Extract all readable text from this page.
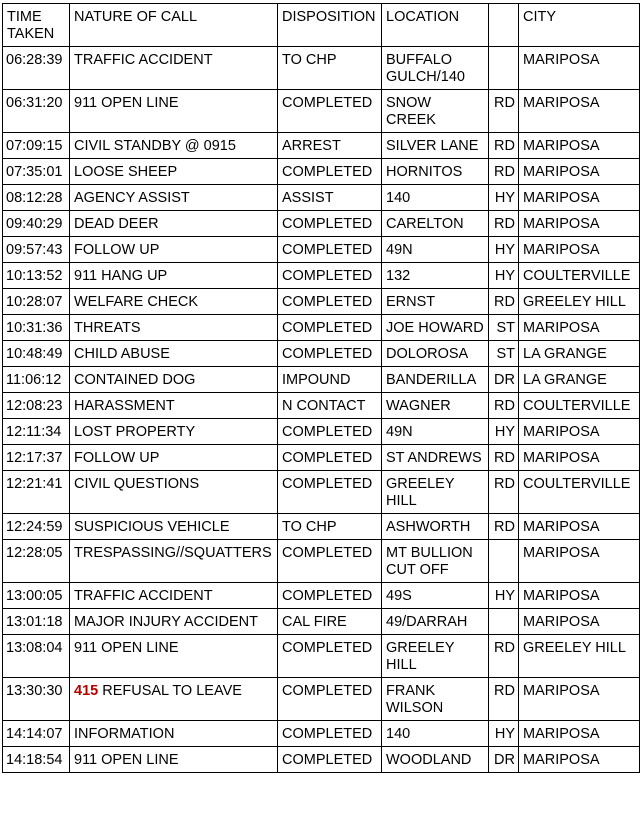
TIME TAKEN	NATURE OF CALL	DISPOSITION	LOCATION		CITY
06:28:39	TRAFFIC ACCIDENT	TO CHP	BUFFALO GULCH/140		MARIPOSA
06:31:20	911 OPEN LINE	COMPLETED	SNOW CREEK	RD	MARIPOSA
07:09:15	CIVIL STANDBY @ 0915	ARREST	SILVER LANE	RD	MARIPOSA
07:35:01	LOOSE SHEEP	COMPLETED	HORNITOS	RD	MARIPOSA
08:12:28	AGENCY ASSIST	ASSIST	140	HY	MARIPOSA
09:40:29	DEAD DEER	COMPLETED	CARELTON	RD	MARIPOSA
09:57:43	FOLLOW UP	COMPLETED	49N	HY	MARIPOSA
10:13:52	911 HANG UP	COMPLETED	132	HY	COULTERVILLE
10:28:07	WELFARE CHECK	COMPLETED	ERNST	RD	GREELEY HILL
10:31:36	THREATS	COMPLETED	JOE HOWARD	ST	MARIPOSA
10:48:49	CHILD ABUSE	COMPLETED	DOLOROSA	ST	LA GRANGE
11:06:12	CONTAINED DOG	IMPOUND	BANDERILLA	DR	LA GRANGE
12:08:23	HARASSMENT	N CONTACT	WAGNER	RD	COULTERVILLE
12:11:34	LOST PROPERTY	COMPLETED	49N	HY	MARIPOSA
12:17:37	FOLLOW UP	COMPLETED	ST ANDREWS	RD	MARIPOSA
12:21:41	CIVIL QUESTIONS	COMPLETED	GREELEY HILL	RD	COULTERVILLE
12:24:59	SUSPICIOUS VEHICLE	TO CHP	ASHWORTH	RD	MARIPOSA
12:28:05	TRESPASSING//SQUATTERS	COMPLETED	MT BULLION CUT OFF		MARIPOSA
13:00:05	TRAFFIC ACCIDENT	COMPLETED	49S	HY	MARIPOSA
13:01:18	MAJOR INJURY ACCIDENT	CAL FIRE	49/DARRAH		MARIPOSA
13:08:04	911 OPEN LINE	COMPLETED	GREELEY HILL	RD	GREELEY HILL
13:30:30	415 REFUSAL TO LEAVE	COMPLETED	FRANK WILSON	RD	MARIPOSA
14:14:07	INFORMATION	COMPLETED	140	HY	MARIPOSA
14:18:54	911 OPEN LINE	COMPLETED	WOODLAND	DR	MARIPOSA
